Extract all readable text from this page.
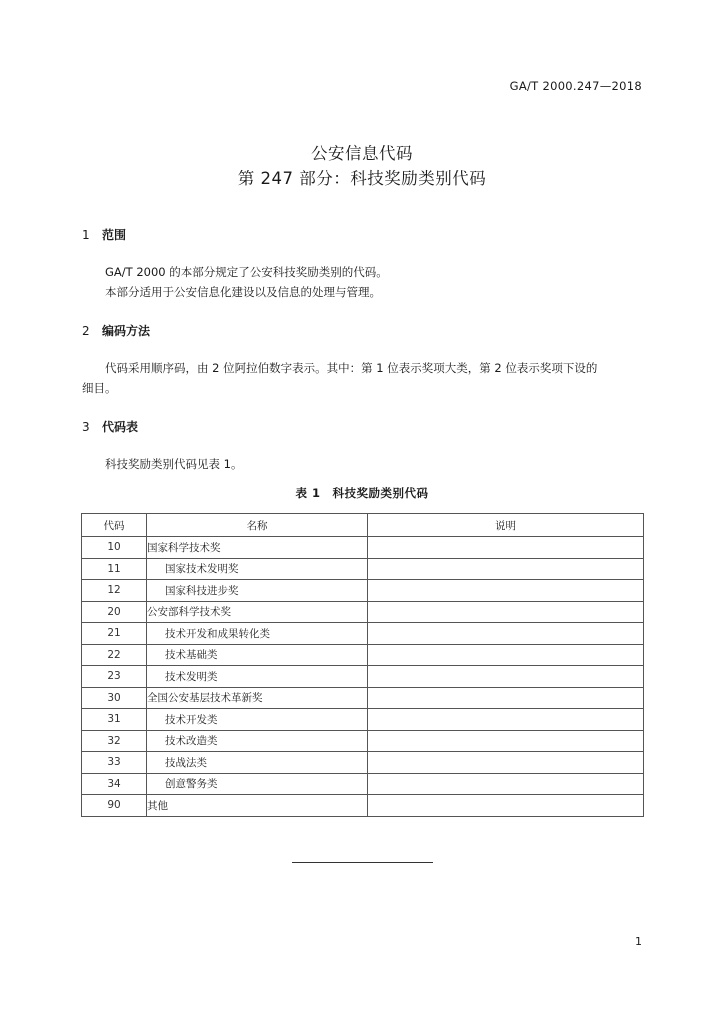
GA/T 2000.247—2018
公安信息代码
第 247 部分：科技奖励类别代码
1 范围
GA/T 2000 的本部分规定了公安科技奖励类别的代码。
本部分适用于公安信息化建设以及信息的处理与管理。
2 编码方法
代码采用顺序码，由 2 位阿拉伯数字表示。其中：第 1 位表示奖项大类，第 2 位表示奖项下设的
细目。
3 代码表
科技奖励类别代码见表 1。
表 1　科技奖励类别代码
代码	名称	说明
10	国家科学技术奖	
11	国家技术发明奖	
12	国家科技进步奖	
20	公安部科学技术奖	
21	技术开发和成果转化类	
22	技术基础类	
23	技术发明类	
30	全国公安基层技术革新奖	
31	技术开发类	
32	技术改造类	
33	技战法类	
34	创意警务类	
90	其他	
1
